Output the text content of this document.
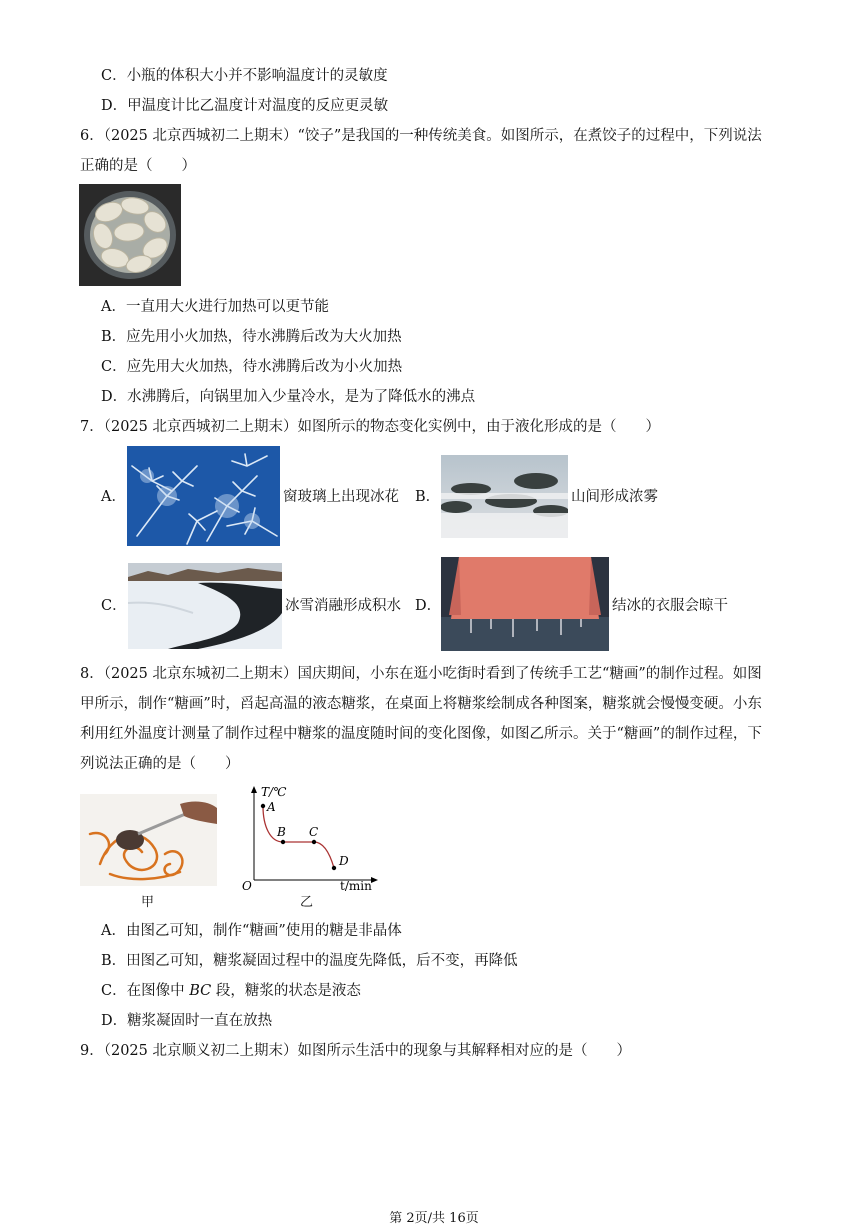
C．小瓶的体积大小并不影响温度计的灵敏度
D．甲温度计比乙温度计对温度的反应更灵敏
6．（2025 北京西城初二上期末）“饺子”是我国的一种传统美食。如图所示，在煮饺子的过程中，下列说法
正确的是（　　）
A．一直用大火进行加热可以更节能
B．应先用小火加热，待水沸腾后改为大火加热
C．应先用大火加热，待水沸腾后改为小火加热
D．水沸腾后，向锅里加入少量冷水，是为了降低水的沸点
7．（2025 北京西城初二上期末）如图所示的物态变化实例中，由于液化形成的是（　　）
A．	窗玻璃上出现冰花 B．	山间形成浓雾
C．	冰雪消融形成积水 D．	结冰的衣服会晾干
8．（2025 北京东城初二上期末）国庆期间，小东在逛小吃街时看到了传统手工艺“糖画”的制作过程。如图
甲所示，制作“糖画”时，舀起高温的液态糖浆，在桌面上将糖浆绘制成各种图案，糖浆就会慢慢变硬。小东
利用红外温度计测量了制作过程中糖浆的温度随时间的变化图像，如图乙所示。关于“糖画”的制作过程，下
列说法正确的是（　　）
甲
T/℃
A
B C
D
O	t/min
乙
A．由图乙可知，制作“糖画”使用的糖是非晶体
B．田图乙可知，糖浆凝固过程中的温度先降低，后不变，再降低
C．在图像中 BC 段，糖浆的状态是液态
D．糖浆凝固时一直在放热
9．（2025 北京顺义初二上期末）如图所示生活中的现象与其解释相对应的是（　　）
第 2页/共 16页
